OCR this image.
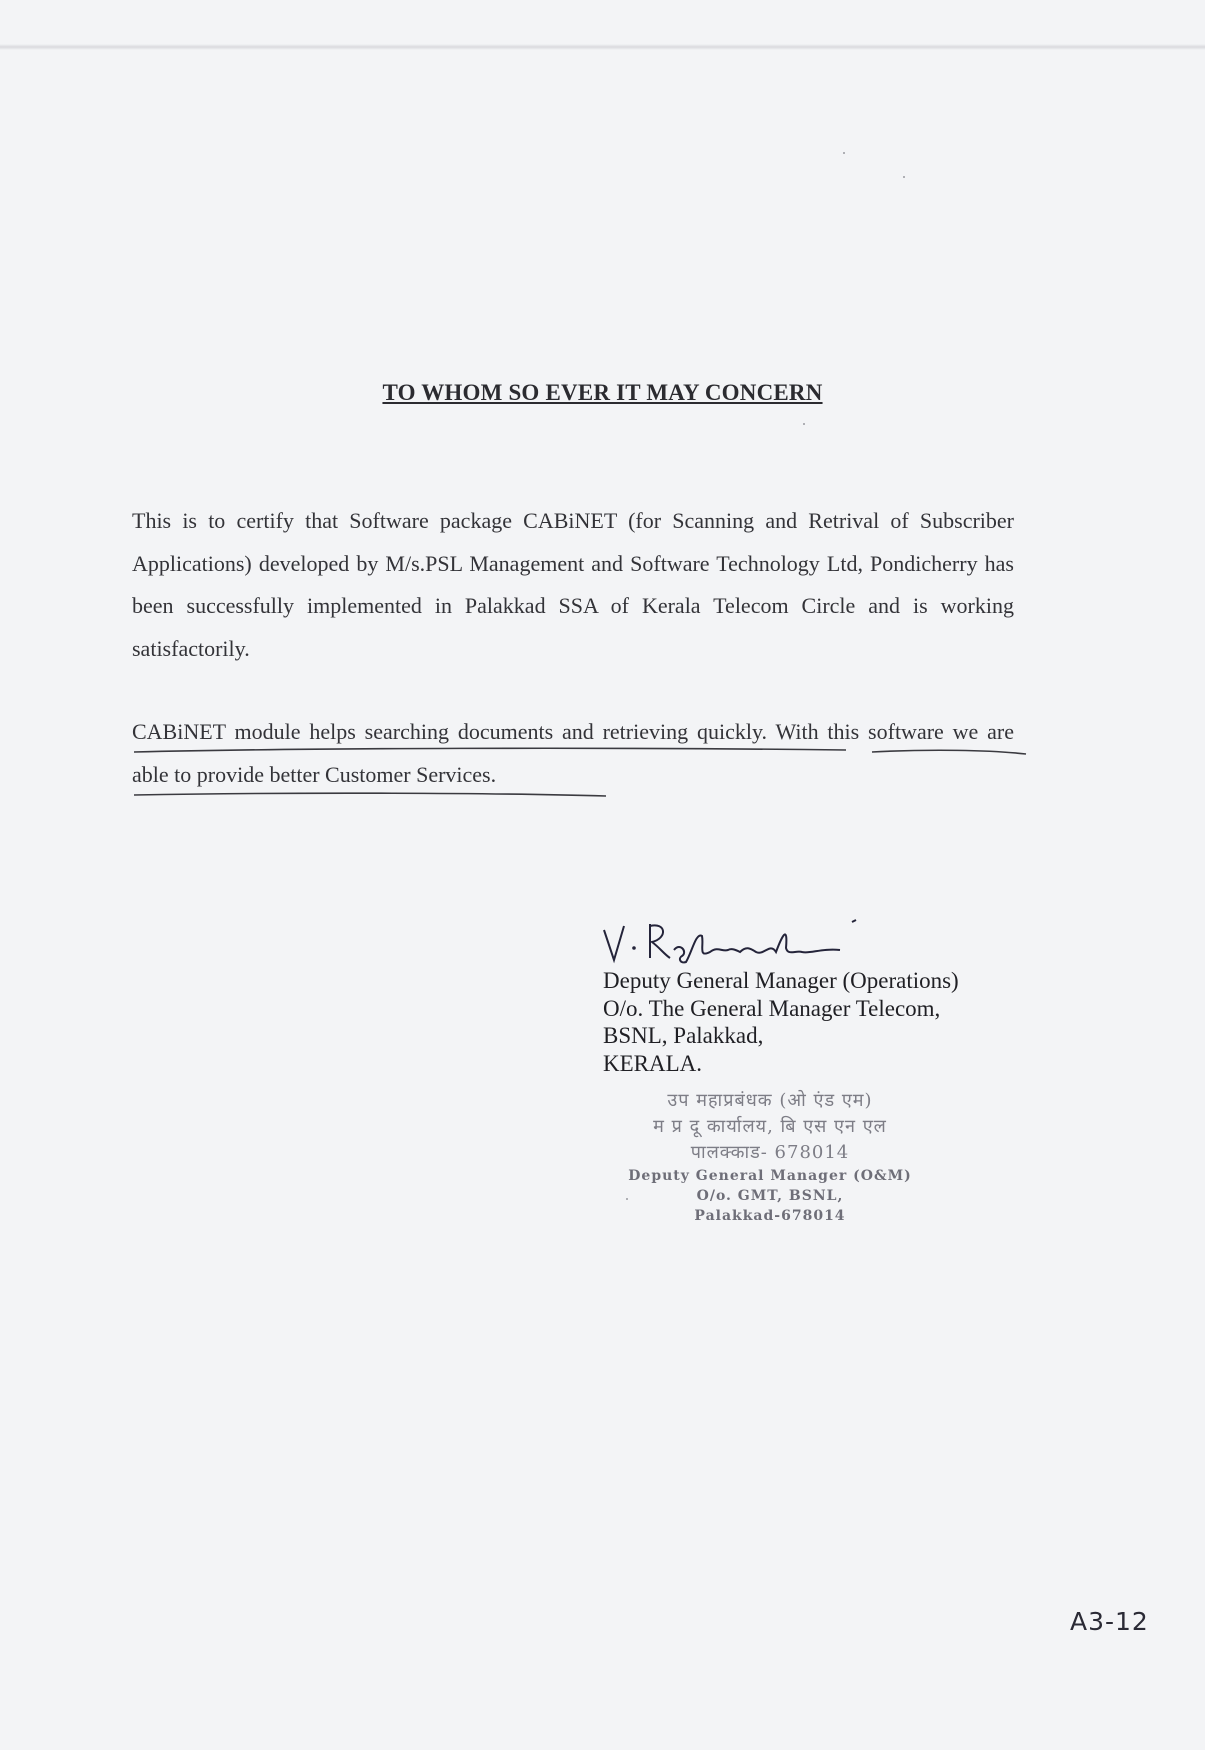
TO WHOM SO EVER IT MAY CONCERN
This is to certify that Software package CABiNET (for Scanning and Retrival of Subscriber Applications) developed by M/s.PSL Management and Software Technology Ltd, Pondicherry has been successfully implemented in Palakkad SSA of Kerala Telecom Circle and is working satisfactorily.
CABiNET module helps searching documents and retrieving quickly. With this software we are able to provide better Customer Services.
Deputy General Manager (Operations)
O/o. The General Manager Telecom,
BSNL, Palakkad,
KERALA.
उप महाप्रबंधक (ओ एंड एम)
म प्र दू कार्यालय, बि एस एन एल
पालक्काड- 678014
Deputy General Manager (O&M)
O/o. GMT, BSNL,
Palakkad-678014
A3-12
